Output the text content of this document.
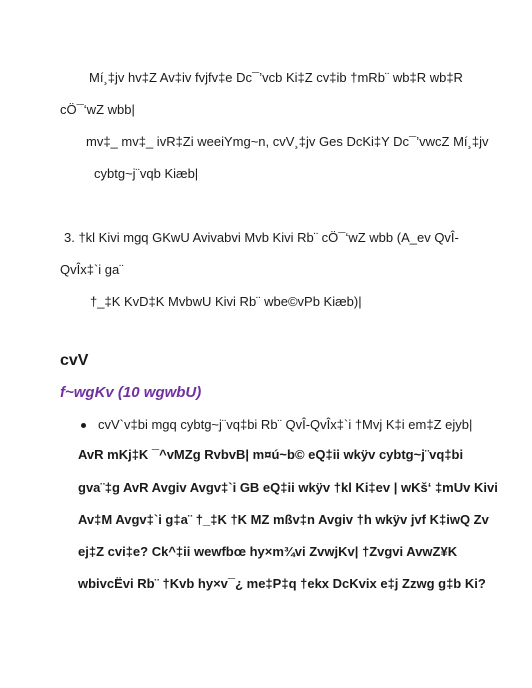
Mí¸‡jv hv‡Z Av‡iv fvjfv‡e Dc¯’vcb Ki‡Z cv‡ib †mRb¨ wb‡R wb‡R
cÖ¯‘wZ wbb|
mv‡_ mv‡_ ivR‡Zi weeiYmg~n, cvV¸‡jv Ges DcKi‡Y Dc¯’vwcZ Mí¸‡jv
cybtg~j¨vqb Kiæb|
3. †kl Kivi mgq GKwU Avivabvi Mvb Kivi Rb¨ cÖ¯‘wZ wbb (A_ev QvÎ-
QvÎx‡`i ga¨
†_‡K KvD‡K MvbwU Kivi Rb¨ wbe©vPb Kiæb)|
cvV
f~wgKv (10 wgwbU)
cvV`v‡bi mgq cybtg~j¨vq‡bi Rb¨ QvÎ-QvÎx‡`i †Mvj K‡i em‡Z ejyb|
AvR mKj‡K ¯^vMZg RvbvB| m¤ú~b© eQ‡ii wkÿv cybtg~j¨vq‡bi
gva¨‡g AvR Avgiv Avgv‡`i GB eQ‡ii wkÿv †kl Ki‡ev | wKš‘ ‡mUv Kivi
Av‡M Avgv‡`i g‡a¨ †_‡K †K MZ mßv‡n Avgiv †h wkÿv jvf K‡iwQ Zv
ej‡Z cvi‡e? Ck^‡ii wewfbœ hy×m¾vi ZvwjKv| †Zvgvi AvwZ¥K
wbivcËvi Rb¨ †Kvb hy×v¯¿ me‡P‡q †ekx DcKvix e‡j Zzwg g‡b Ki?
